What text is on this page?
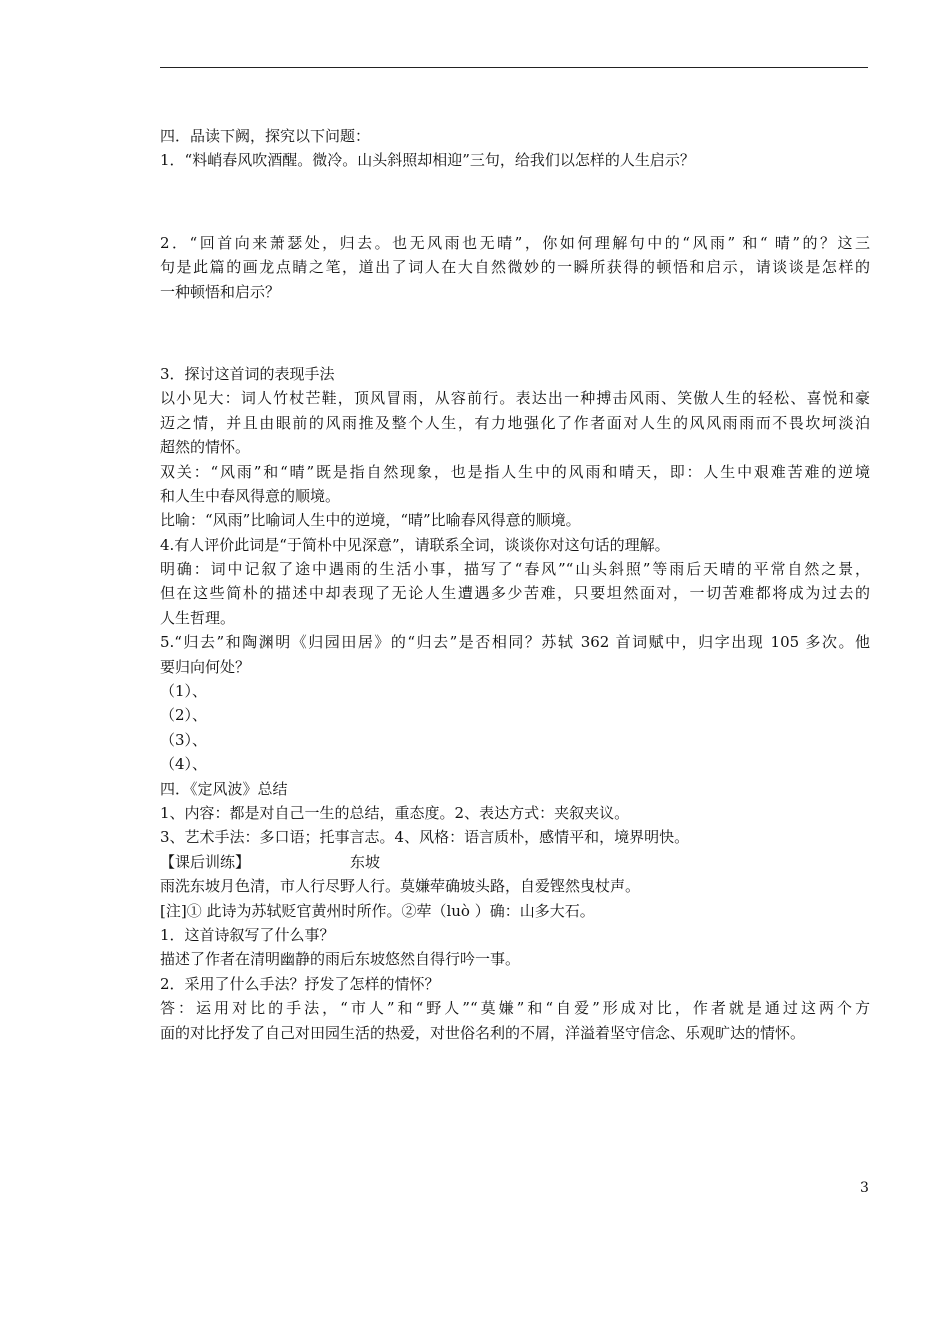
四．品读下阙，探究以下问题：
1．“料峭春风吹酒醒。微冷。山头斜照却相迎”三句，给我们以怎样的人生启示？
2．“回首向来萧瑟处，归去。也无风雨也无晴”，你如何理解句中的“风雨” 和“ 晴”的？这三
句是此篇的画龙点睛之笔，道出了词人在大自然微妙的一瞬所获得的顿悟和启示，请谈谈是怎样的
一种顿悟和启示？
3．探讨这首词的表现手法
以小见大：词人竹杖芒鞋，顶风冒雨，从容前行。表达出一种搏击风雨、笑傲人生的轻松、喜悦和豪
迈之情，并且由眼前的风雨推及整个人生，有力地强化了作者面对人生的风风雨雨而不畏坎坷淡泊
超然的情怀。
双关：“风雨”和“晴”既是指自然现象，也是指人生中的风雨和晴天，即：人生中艰难苦难的逆境
和人生中春风得意的顺境。
比喻：“风雨”比喻词人生中的逆境，“晴”比喻春风得意的顺境。
4.有人评价此词是“于简朴中见深意”，请联系全词，谈谈你对这句话的理解。
明确：词中记叙了途中遇雨的生活小事，描写了“春风”“山头斜照”等雨后天晴的平常自然之景，
但在这些简朴的描述中却表现了无论人生遭遇多少苦难，只要坦然面对，一切苦难都将成为过去的
人生哲理。
5.“归去”和陶渊明《归园田居》的“归去”是否相同？苏轼 362 首词赋中，归字出现 105 多次。他
要归向何处？
（1）、
（2）、
（3）、
（4）、
四．《定风波》总结
1、内容：都是对自己一生的总结，重态度。2、表达方式：夹叙夹议。
3、艺术手法：多口语；托事言志。4、风格：语言质朴，感情平和，境界明快。
【课后训练】	东坡
雨洗东坡月色清，市人行尽野人行。莫嫌荦确坡头路，自爱铿然曳杖声。
[注]① 此诗为苏轼贬官黄州时所作。②荦（luò ）确：山多大石。
1．这首诗叙写了什么事？
描述了作者在清明幽静的雨后东坡悠然自得行吟一事。
2．采用了什么手法？抒发了怎样的情怀？
答：运用对比的手法，“市人”和“野人”“莫嫌”和“自爱”形成对比，作者就是通过这两个方
面的对比抒发了自己对田园生活的热爱，对世俗名利的不屑，洋溢着坚守信念、乐观旷达的情怀。
3
